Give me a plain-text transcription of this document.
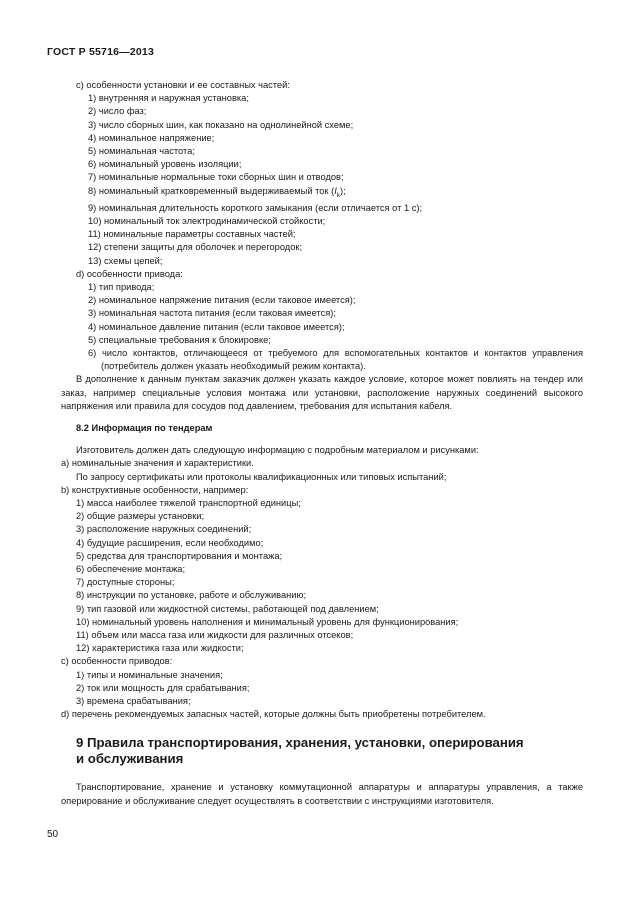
ГОСТ Р 55716—2013
с) особенности установки и ее составных частей:
1) внутренняя и наружная установка;
2) число фаз;
3) число сборных шин, как показано на однолинейной схеме;
4) номинальное напряжение;
5) номинальная частота;
6) номинальный уровень изоляции;
7) номинальные нормальные токи сборных шин и отводов;
8) номинальный кратковременный выдерживаемый ток $(I_k)$;
9) номинальная длительность короткого замыкания (если отличается от 1 с);
10) номинальный ток электродинамической стойкости;
11) номинальные параметры составных частей;
12) степени защиты для оболочек и перегородок;
13) схемы цепей;
d) особенности привода:
1) тип привода;
2) номинальное напряжение питания (если таковое имеется);
3) номинальная частота питания (если таковая имеется);
4) номинальное давление питания (если таковое имеется);
5) специальные требования к блокировке;
6) число контактов, отличающееся от требуемого для вспомогательных контактов и контактов управления (потребитель должен указать необходимый режим контакта).
В дополнение к данным пунктам заказчик должен указать каждое условие, которое может повлиять на тендер или заказ, например специальные условия монтажа или установки, расположение наружных соединений высокого напряжения или правила для сосудов под давлением, требования для испытания кабеля.
8.2 Информация по тендерам
Изготовитель должен дать следующую информацию с подробным материалом и рисунками:
а) номинальные значения и характеристики.
По запросу сертификаты или протоколы квалификационных или типовых испытаний;
b) конструктивные особенности, например:
1) масса наиболее тяжелой транспортной единицы;
2) общие размеры установки;
3) расположение наружных соединений;
4) будущие расширения, если необходимо;
5) средства для транспортирования и монтажа;
6) обеспечение монтажа;
7) доступные стороны;
8) инструкции по установке, работе и обслуживанию;
9) тип газовой или жидкостной системы, работающей под давлением;
10) номинальный уровень наполнения и минимальный уровень для функционирования;
11) объем или масса газа или жидкости для различных отсеков;
12) характеристика газа или жидкости;
с) особенности приводов:
1) типы и номинальные значения;
2) ток или мощность для срабатывания;
3) времена срабатывания;
d) перечень рекомендуемых запасных частей, которые должны быть приобретены потребителем.
9 Правила транспортирования, хранения, установки, оперирования
и обслуживания
Транспортирование, хранение и установку коммутационной аппаратуры и аппаратуры управления, а также оперирование и обслуживание следует осуществлять в соответствии с инструкциями изготовителя.
50
